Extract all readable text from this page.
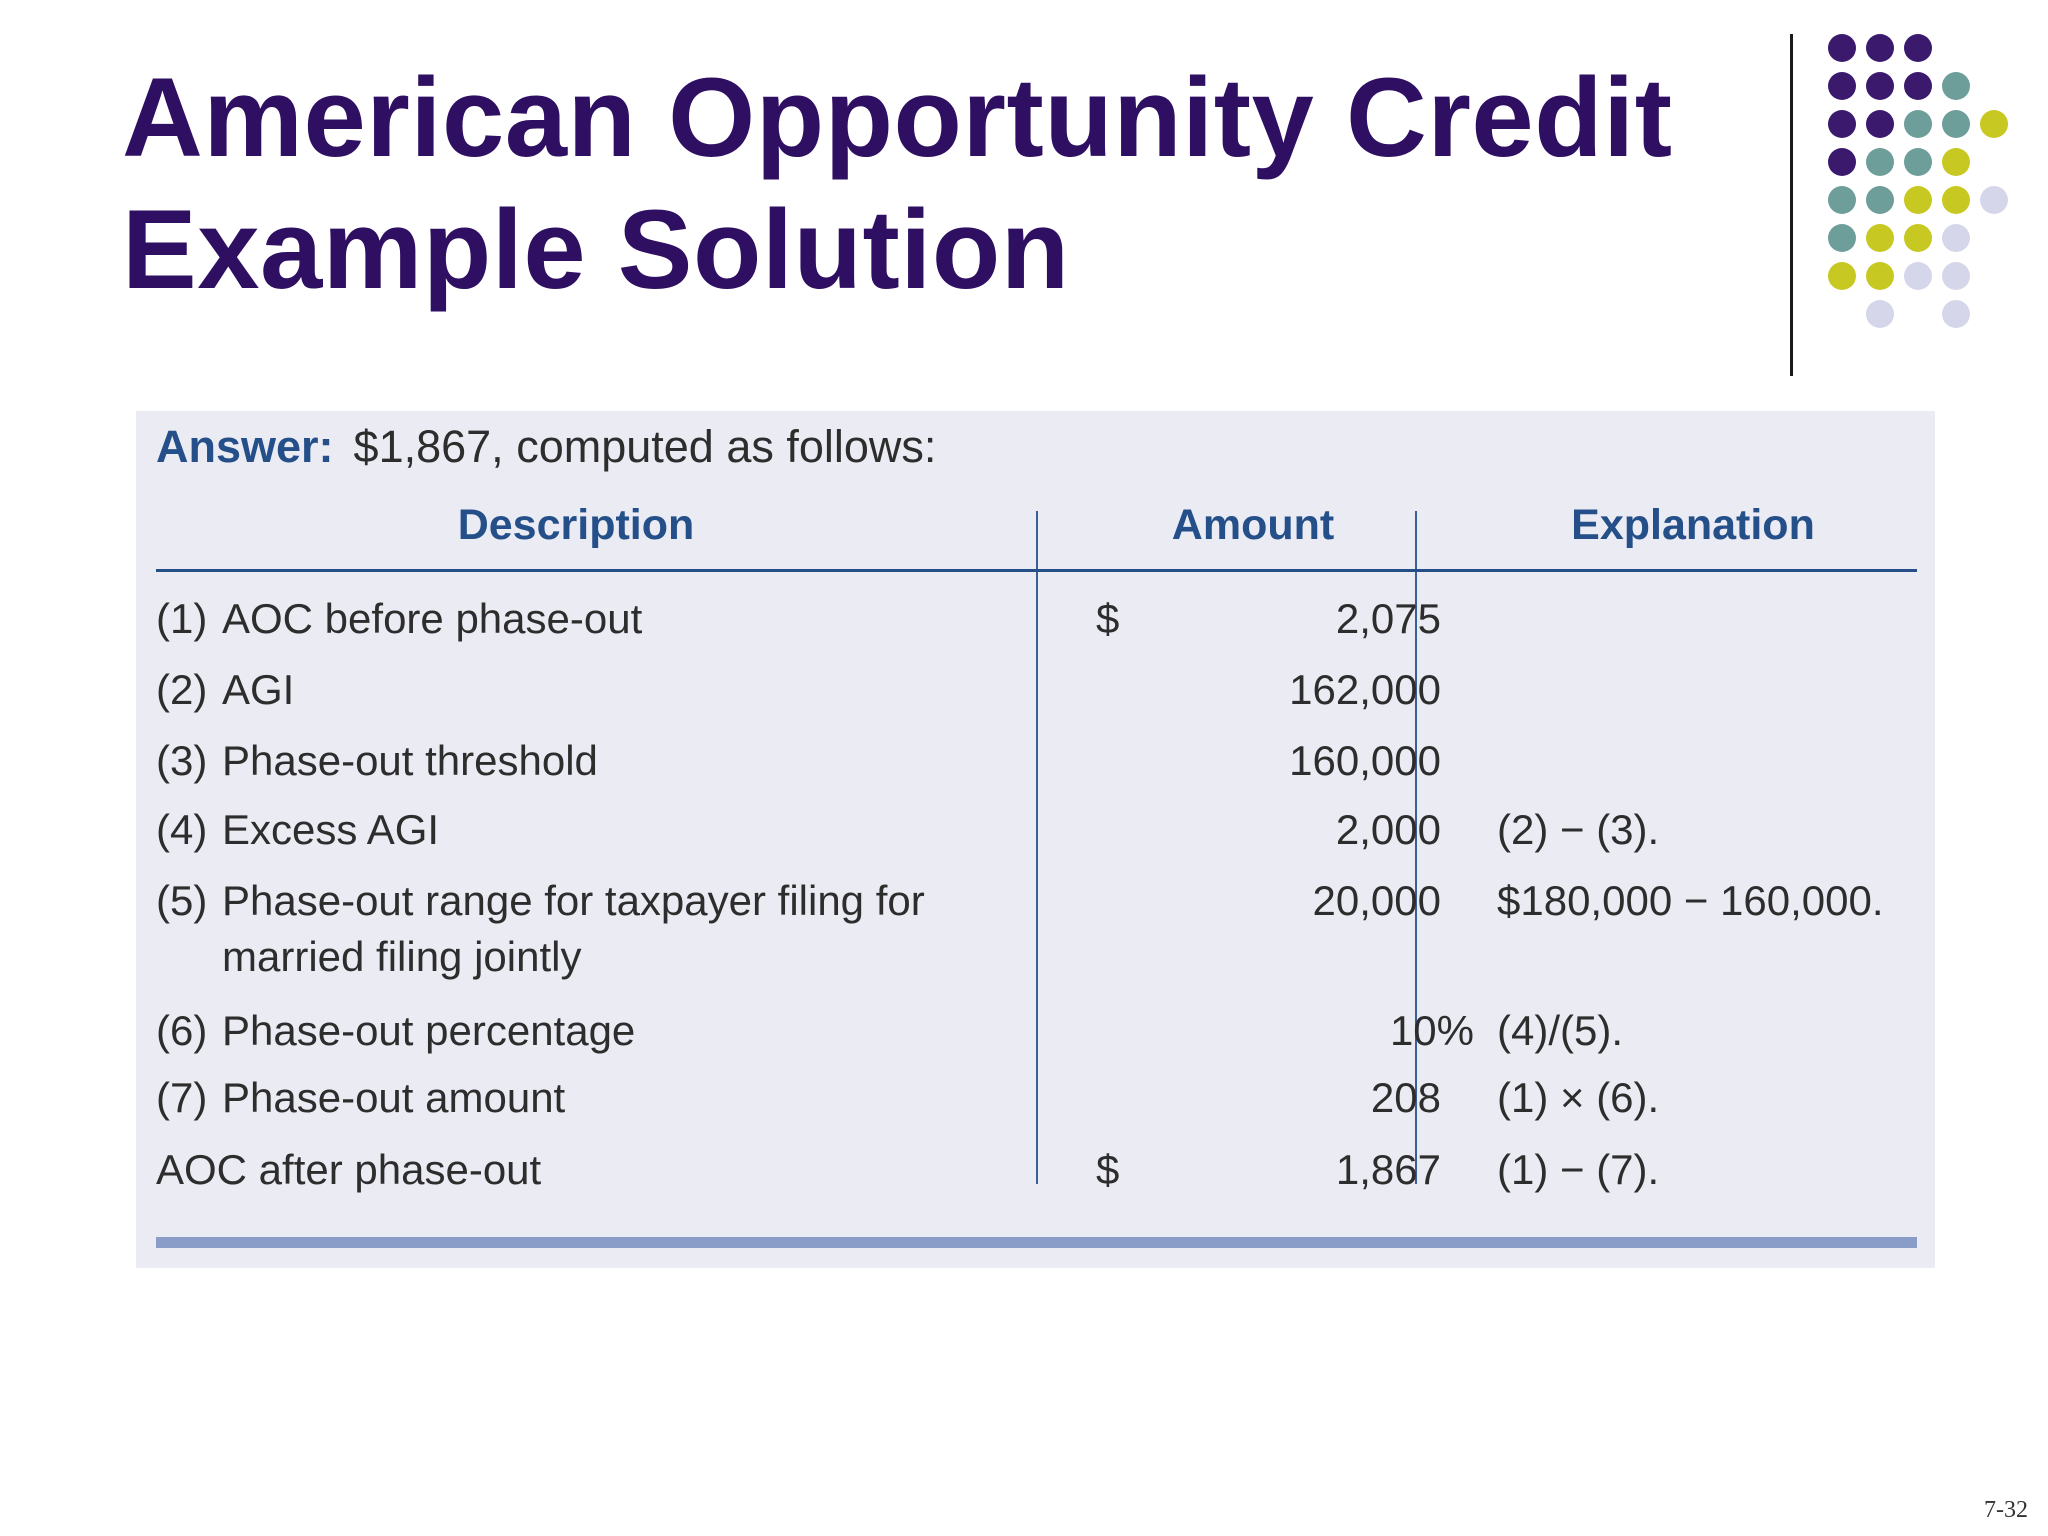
American Opportunity Credit
Example Solution
Answer: $1,867, computed as follows:
Description	Amount	Explanation
(1) AOC before phase-out	$	2,075
(2) AGI	162,000
(3) Phase-out threshold	160,000
(4) Excess AGI	2,000 (2) − (3).
(5) Phase-out range for taxpayer filing for
married filing jointly
20,000 $180,000 − 160,000.
(6) Phase-out percentage	10% (4)/(5).
(7) Phase-out amount	208 (1) × (6).
AOC after phase-out	$	1,867 (1) − (7).
7-32
